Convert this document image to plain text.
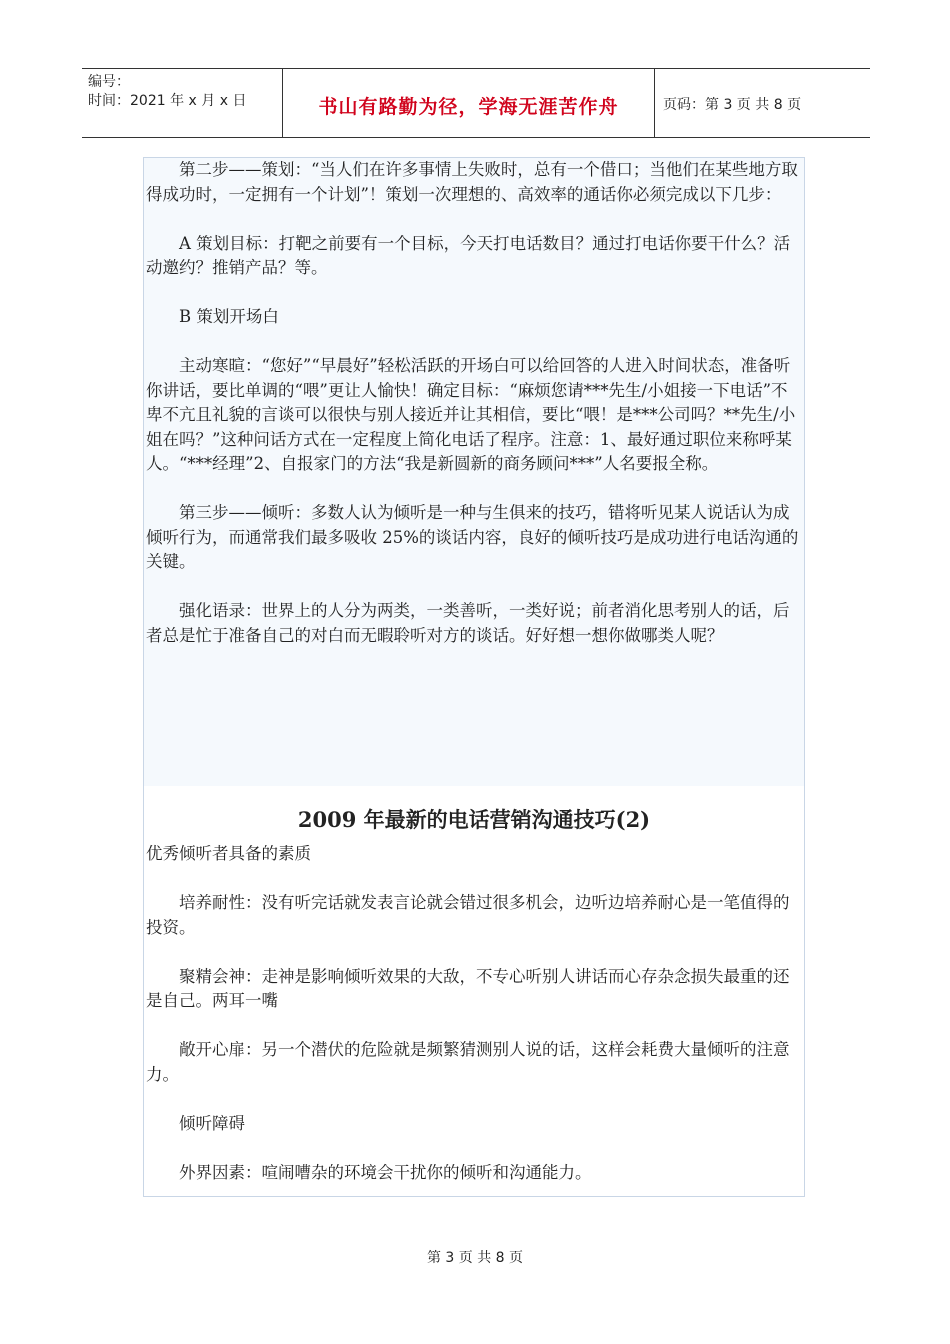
编号：
时间：2021 年 x 月 x 日	书山有路勤为径，学海无涯苦作舟	页码：第 3 页 共 8 页

第二步——策划：“当人们在许多事情上失败时，总有一个借口；当他们在某些地方取得成功时，一定拥有一个计划”！策划一次理想的、高效率的通话你必须完成以下几步：

A 策划目标：打靶之前要有一个目标，今天打电话数目？通过打电话你要干什么？活动邀约？推销产品？等。

B 策划开场白

主动寒暄：“您好”“早晨好”轻松活跃的开场白可以给回答的人进入时间状态，准备听你讲话，要比单调的“喂”更让人愉快！确定目标：“麻烦您请***先生/小姐接一下电话”不卑不亢且礼貌的言谈可以很快与别人接近并让其相信，要比“喂！是***公司吗？**先生/小姐在吗？”这种问话方式在一定程度上简化电话了程序。注意：1、最好通过职位来称呼某人。“***经理”2、自报家门的方法“我是新圆新的商务顾问***”人名要报全称。

第三步——倾听：多数人认为倾听是一种与生俱来的技巧，错将听见某人说话认为成倾听行为，而通常我们最多吸收 25%的谈话内容，良好的倾听技巧是成功进行电话沟通的关键。

强化语录：世界上的人分为两类，一类善听，一类好说；前者消化思考别人的话，后者总是忙于准备自己的对白而无暇聆听对方的谈话。好好想一想你做哪类人呢？

2009 年最新的电话营销沟通技巧(2)

优秀倾听者具备的素质

培养耐性：没有听完话就发表言论就会错过很多机会，边听边培养耐心是一笔值得的投资。

聚精会神：走神是影响倾听效果的大敌，不专心听别人讲话而心存杂念损失最重的还是自己。两耳一嘴

敞开心扉：另一个潜伏的危险就是频繁猜测别人说的话，这样会耗费大量倾听的注意力。

倾听障碍

外界因素：喧闹嘈杂的环境会干扰你的倾听和沟通能力。

第 3 页 共 8 页
